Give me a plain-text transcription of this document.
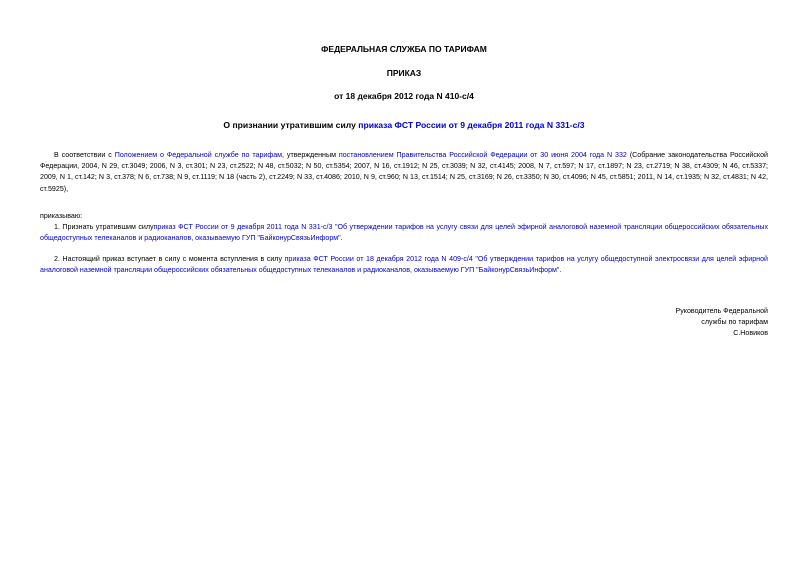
ФЕДЕРАЛЬНАЯ СЛУЖБА ПО ТАРИФАМ
ПРИКАЗ
от 18 декабря 2012 года N 410-с/4
О признании утратившим силу приказа ФСТ России от 9 декабря 2011 года N 331-с/3
В соответствии с Положением о Федеральной службе по тарифам, утвержденным постановлением Правительства Российской Федерации от 30 июня 2004 года N 332 (Собрание законодательства Российской Федерации, 2004, N 29, ст.3049; 2006, N 3, ст.301; N 23, ст.2522; N 48, ст.5032; N 50, ст.5354; 2007, N 16, ст.1912; N 25, ст.3039; N 32, ст.4145; 2008, N 7, ст.597; N 17, ст.1897; N 23, ст.2719; N 38, ст.4309; N 46, ст.5337; 2009, N 1, ст.142; N 3, ст.378; N 6, ст.738; N 9, ст.1119; N 18 (часть 2), ст.2249; N 33, ст.4086; 2010, N 9, ст.960; N 13, ст.1514; N 25, ст.3169; N 26, ст.3350; N 30, ст.4096; N 45, ст.5851; 2011, N 14, ст.1935; N 32, ст.4831; N 42, ст.5925),
приказываю:
1. Признать утратившим силуприказ ФСТ России от 9 декабря 2011 года N 331-с/3 "Об утверждении тарифов на услугу связи для целей эфирной аналоговой наземной трансляции общероссийских обязательных общедоступных телеканалов и радиоканалов, оказываемую ГУП "БайконурСвязьИнформ".
2. Настоящий приказ вступает в силу с момента вступления в силу приказа ФСТ России от 18 декабря 2012 года N 409-с/4 "Об утверждении тарифов на услугу общедоступной электросвязи для целей эфирной аналоговой наземной трансляции общероссийских обязательных общедоступных телеканалов и радиоканалов, оказываемую ГУП "БайконурСвязьИнформ".
Руководитель Федеральной
службы по тарифам
С.Новиков
